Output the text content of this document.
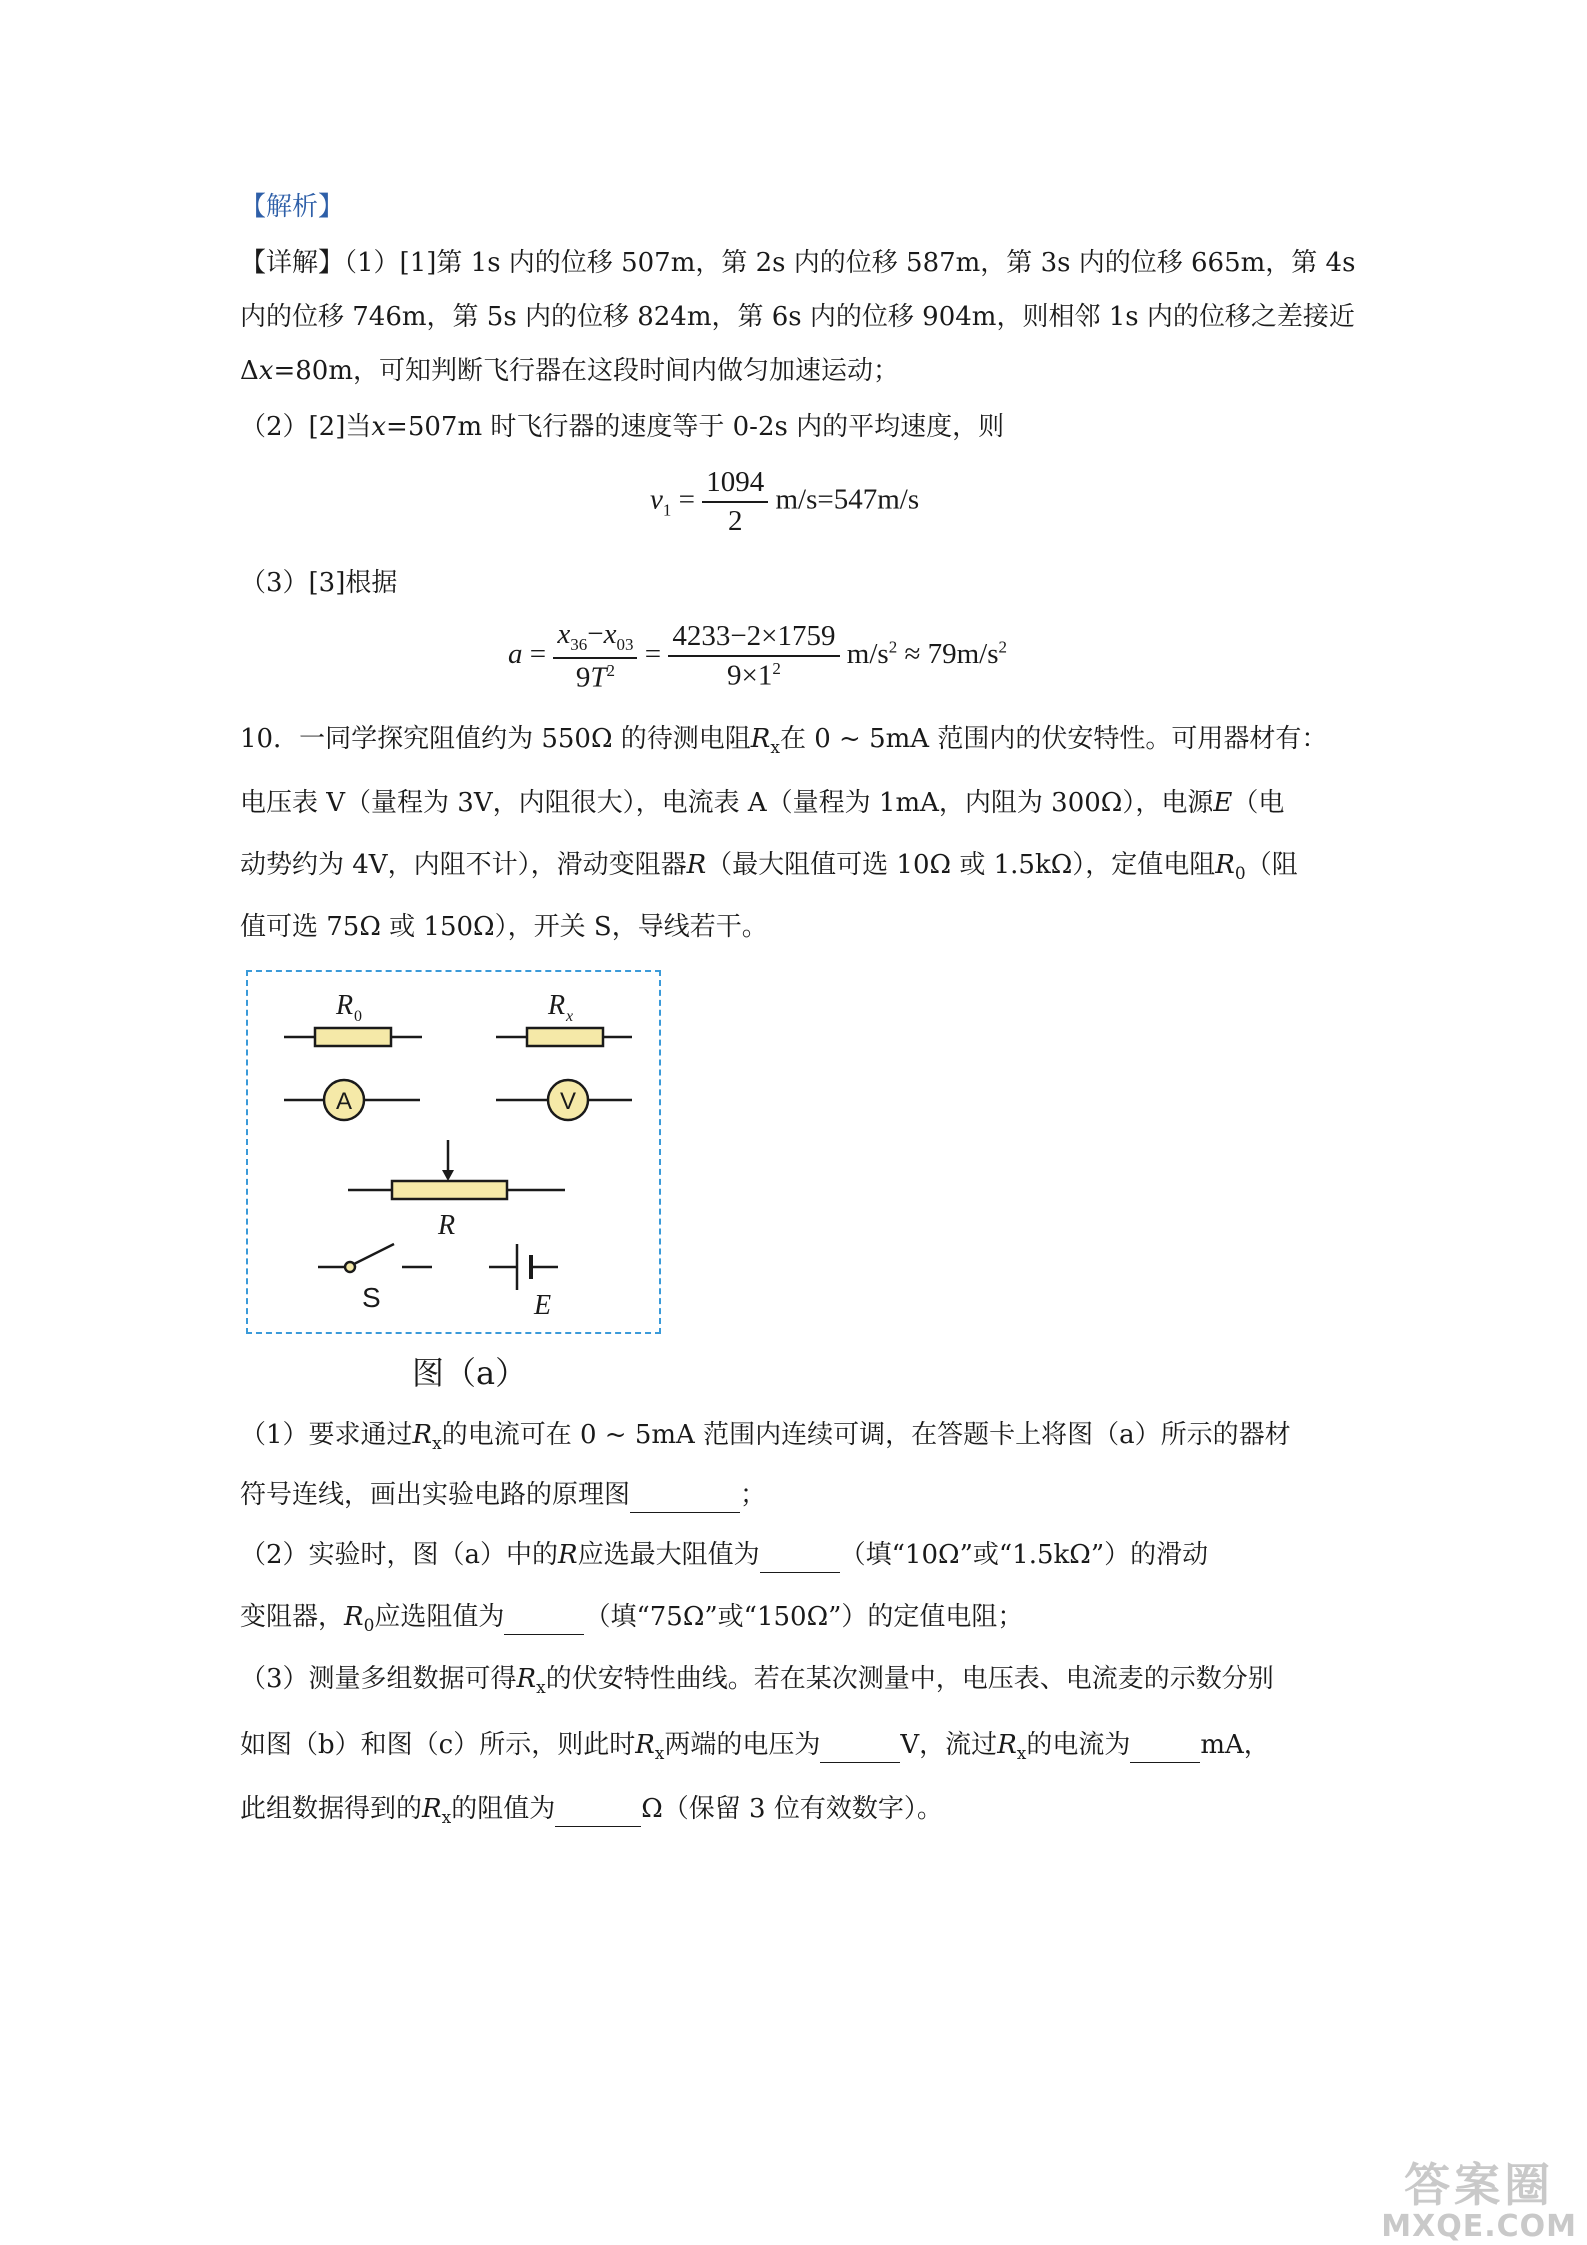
【解析】
【详解】（1）[1]第 1s 内的位移 507m，第 2s 内的位移 587m，第 3s 内的位移 665m，第 4s
内的位移 746m，第 5s 内的位移 824m，第 6s 内的位移 904m，则相邻 1s 内的位移之差接近
Δx=80m，可知判断飞行器在这段时间内做匀加速运动；
（2）[2]当x=507m 时飞行器的速度等于 0-2s 内的平均速度，则
$v_1 = \frac{1094}{2} m/s=547m/s$
（3）[3]根据
$a = \frac{x_{36}-x_{03}}{9T^2} = \frac{4233-2\times 1759}{9\times 1^2} m/s^2 \approx 79m/s^2$
10．一同学探究阻值约为 550Ω 的待测电阻$R_x$在 0 ~ 5mA 范围内的伏安特性。可用器材有：
电压表 V（量程为 3V，内阻很大），电流表 A（量程为 1mA，内阻为 300Ω），电源E（电
动势约为 4V，内阻不计），滑动变阻器R（最大阻值可选 10Ω 或 1.5kΩ），定值电阻$R_0$（阻
值可选 75Ω 或 150Ω），开关 S，导线若干。
R 0	R x
A	V
R
S	E
图（a）
（1）要求通过$R_x$的电流可在 0 ~ 5mA 范围内连续可调，在答题卡上将图（a）所示的器材
符号连线，画出实验电路的原理图	；
（2）实验时，图（a）中的R应选最大阻值为	（填“10Ω”或“1.5kΩ”）的滑动
变阻器，$R_0$应选阻值为	（填“75Ω”或“150Ω”）的定值电阻；
（3）测量多组数据可得$R_x$的伏安特性曲线。若在某次测量中，电压表、电流麦的示数分别
如图（b）和图（c）所示，则此时$R_x$两端的电压为	V，流过$R_x$的电流为	mA，
此组数据得到的$R_x$的阻值为	Ω（保留 3 位有效数字）。
答案圈
MXQE.COM
